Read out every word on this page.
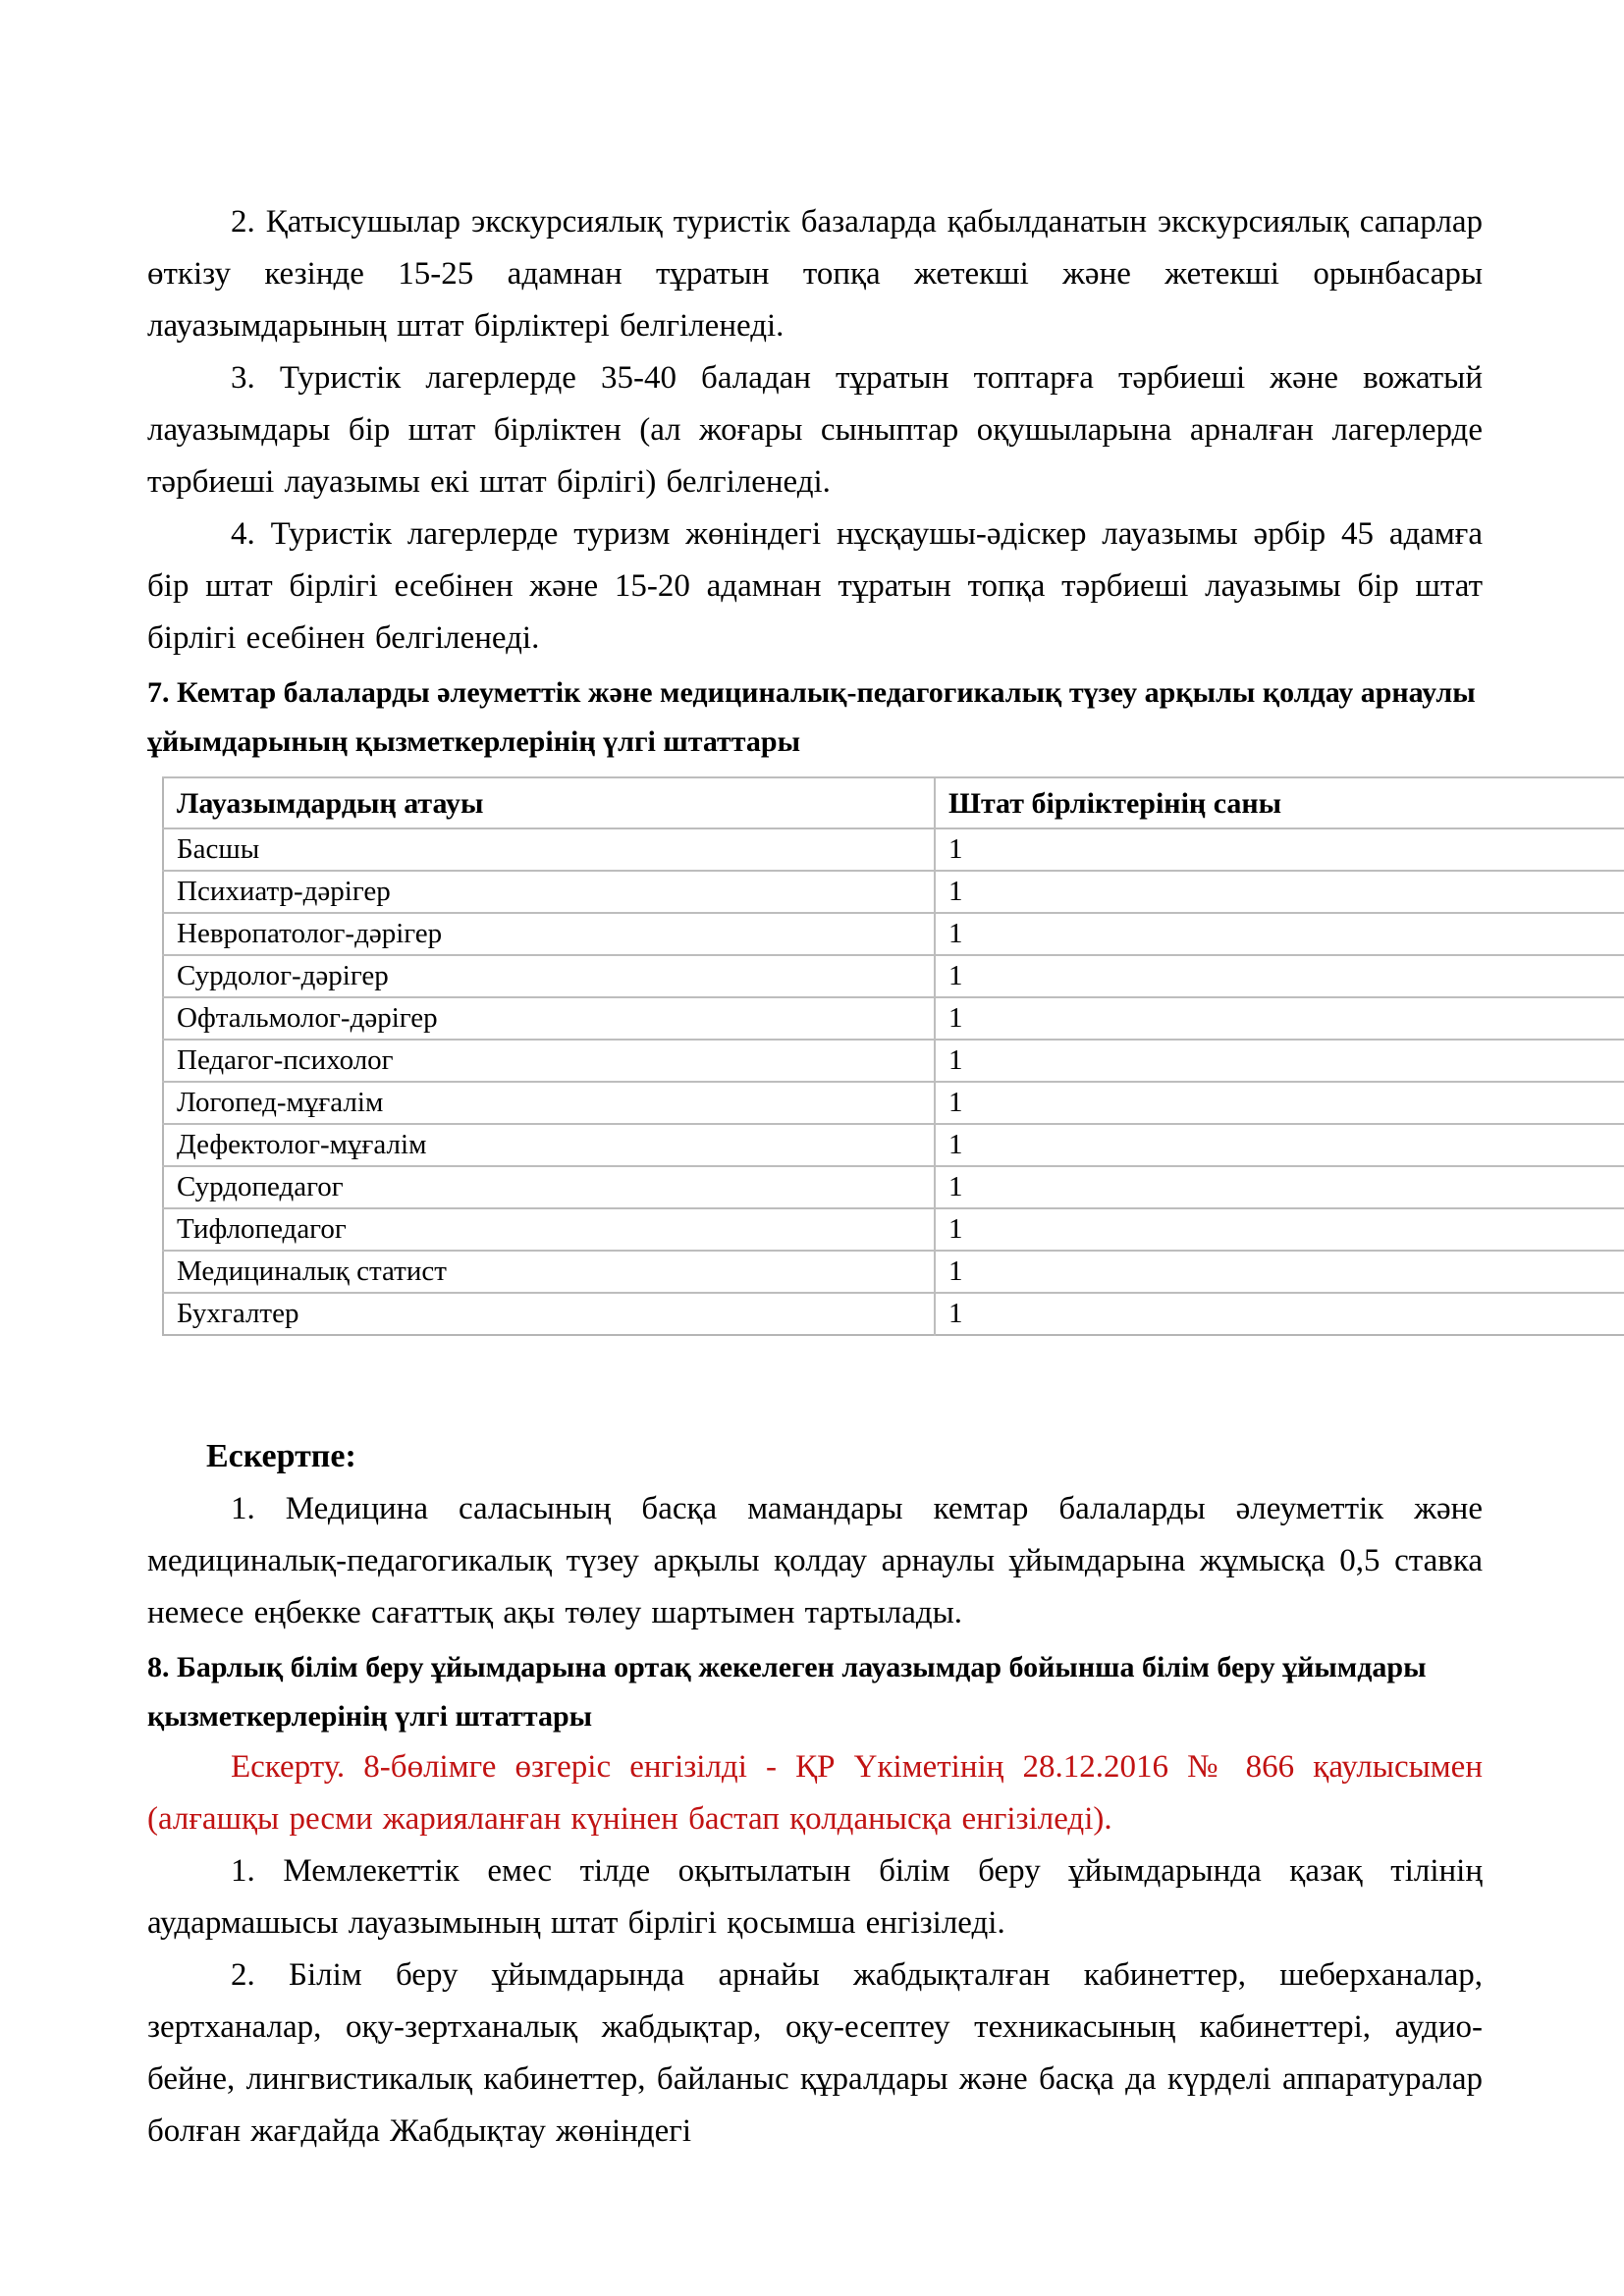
2. Қатысушылар экскурсиялық туристік базаларда қабылданатын экскурсиялық сапарлар өткізу кезінде 15-25 адамнан тұратын топқа жетекші және жетекші орынбасары лауазымдарының штат бірліктері белгіленеді.

3. Туристік лагерлерде 35-40 баладан тұратын топтарға тәрбиеші және вожатый лауазымдары бір штат бірліктен (ал жоғары сыныптар оқушыларына арналған лагерлерде тәрбиеші лауазымы екі штат бірлігі) белгіленеді.

4. Туристік лагерлерде туризм жөніндегі нұсқаушы-әдіскер лауазымы әрбір 45 адамға бір штат бірлігі есебінен және 15-20 адамнан тұратын топқа тәрбиеші лауазымы бір штат бірлігі есебінен белгіленеді.

7. Кемтар балаларды әлеуметтік және медициналық-педагогикалық түзеу арқылы қолдау арнаулы ұйымдарының қызметкерлерінің үлгі штаттары
Лауазымдардың атауы	Штат бірліктерінің саны
Басшы	1
Психиатр-дәрігер	1
Невропатолог-дәрігер	1
Сурдолог-дәрігер	1
Офтальмолог-дәрігер	1
Педагог-психолог	1
Логопед-мұғалім	1
Дефектолог-мұғалім	1
Сурдопедагог	1
Тифлопедагог	1
Медициналық статист	1
Бухгалтер	1

Ескертпе:

1. Медицина саласының басқа мамандары кемтар балаларды әлеуметтік және медициналық-педагогикалық түзеу арқылы қолдау арнаулы ұйымдарына жұмысқа 0,5 ставка немесе еңбекке сағаттық ақы төлеу шартымен тартылады.

8. Барлық білім беру ұйымдарына ортақ жекелеген лауазымдар бойынша білім беру ұйымдары қызметкерлерінің үлгі штаттары

Ескерту. 8-бөлімге өзгеріс енгізілді - ҚР Үкіметінің 28.12.2016 № 866 қаулысымен (алғашқы ресми жарияланған күнінен бастап қолданысқа енгізіледі).

1. Мемлекеттік емес тілде оқытылатын білім беру ұйымдарында қазақ тілінің аудармашысы лауазымының штат бірлігі қосымша енгізіледі.

2. Білім беру ұйымдарында арнайы жабдықталған кабинеттер, шеберханалар, зертханалар, оқу-зертханалық жабдықтар, оқу-есептеу техникасының кабинеттері, аудио-бейне, лингвистикалық кабинеттер, байланыс құралдары және басқа да күрделі аппаратуралар болған жағдайда Жабдықтау жөніндегі
